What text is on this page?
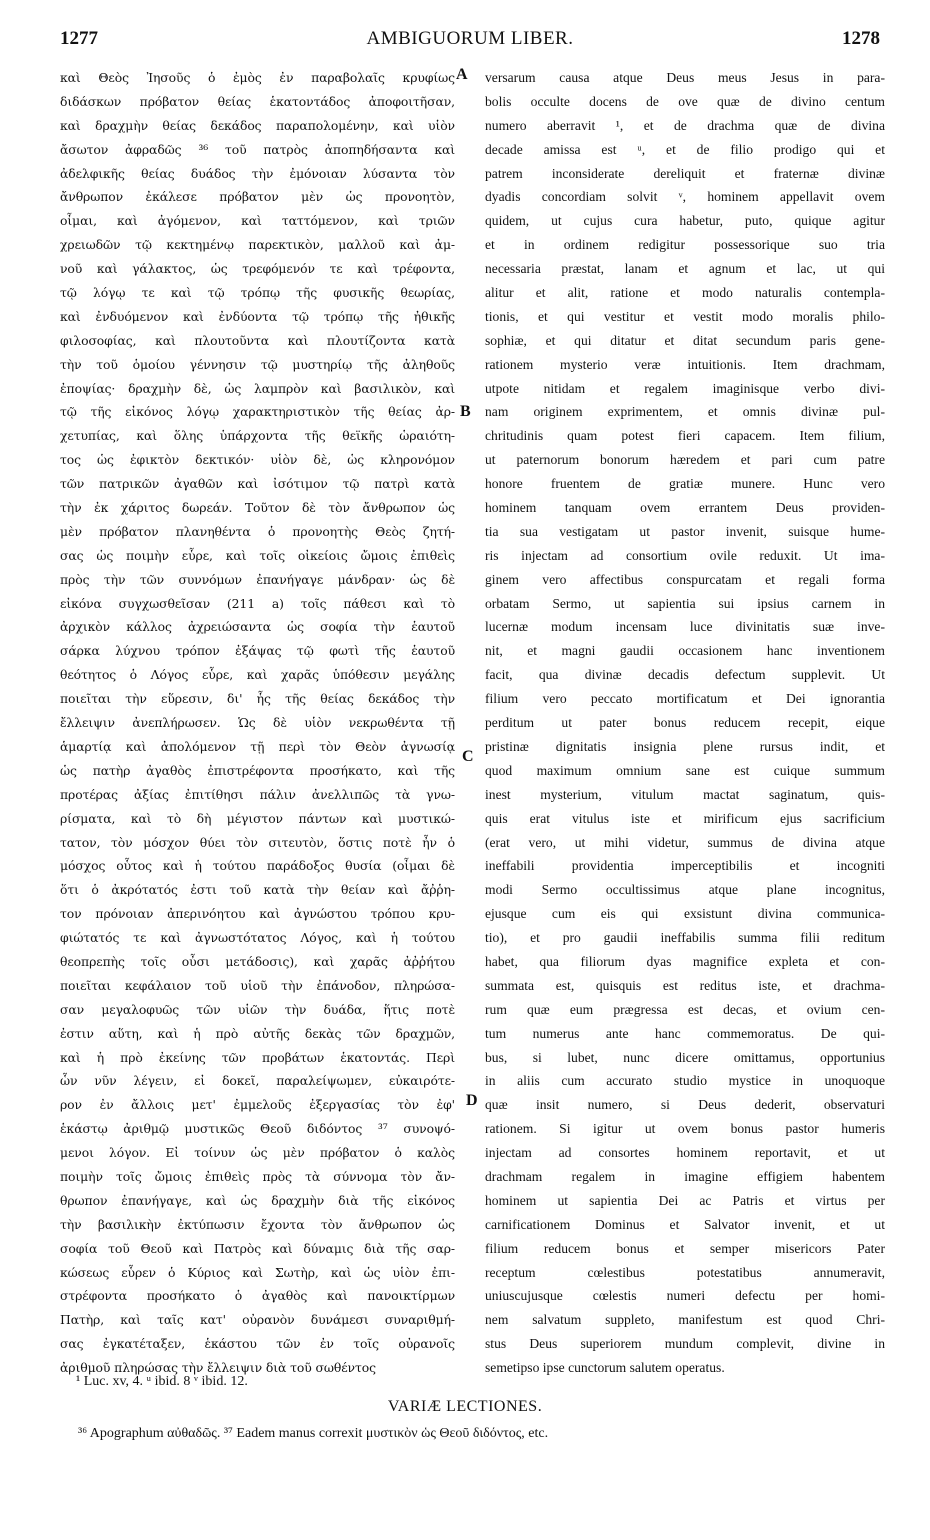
1277	AMBIGUORUM LIBER.	1278
καὶ Θεὸς Ἰησοῦς ὁ ἐμὸς ἐν παραβολαῖς κρυφίως
διδάσκων πρόβατον θείας ἑκατοντάδος ἀποφοιτῆσαν,
καὶ δραχμὴν θείας δεκάδος παραπολομένην, καὶ υἱὸν
ἄσωτον ἀφραδῶς ³⁶ τοῦ πατρὸς ἀποπηδήσαντα καὶ
ἀδελφικῆς θείας δυάδος τὴν ἐμόνοιαν λύσαντα τὸν
ἄνθρωπον ἐκάλεσε πρόβατον μὲν ὡς προνοητὸν,
οἶμαι, καὶ ἀγόμενον, καὶ ταττόμενον, καὶ τριῶν
χρειωδῶν τῷ κεκτημένῳ παρεκτικὸν, μαλλοῦ καὶ ἀμ-
νοῦ καὶ γάλακτος, ὡς τρεφόμενόν τε καὶ τρέφοντα,
τῷ λόγῳ τε καὶ τῷ τρόπῳ τῆς φυσικῆς θεωρίας,
καὶ ἐνδυόμενον καὶ ἐνδύοντα τῷ τρόπῳ τῆς ἠθικῆς
φιλοσοφίας, καὶ πλουτοῦντα καὶ πλουτίζοντα κατὰ
τὴν τοῦ ὁμοίου γέννησιν τῷ μυστηρίῳ τῆς ἀληθοῦς
ἐποψίας· δραχμὴν δὲ, ὡς λαμπρὸν καὶ βασιλικὸν, καὶ
τῷ τῆς εἰκόνος λόγῳ χαρακτηριστικὸν τῆς θείας ἀρ-
χετυπίας, καὶ ὅλης ὑπάρχοντα τῆς θεϊκῆς ὡραιότη-
τος ὡς ἐφικτὸν δεκτικόν· υἱὸν δὲ, ὡς κληρονόμον
τῶν πατρικῶν ἀγαθῶν καὶ ἰσότιμον τῷ πατρὶ κατὰ
τὴν ἐκ χάριτος δωρεάν. Τοῦτον δὲ τὸν ἄνθρωπον ὡς
μὲν πρόβατον πλανηθέντα ὁ προνοητὴς Θεὸς ζητή-
σας ὡς ποιμὴν εὗρε, καὶ τοῖς οἰκείοις ὤμοις ἐπιθεὶς
πρὸς τὴν τῶν συννόμων ἐπανήγαγε μάνδραν· ὡς δὲ
εἰκόνα συγχωσθεῖσαν (211 a) τοῖς πάθεσι καὶ τὸ
ἀρχικὸν κάλλος ἀχρειώσαντα ὡς σοφία τὴν ἑαυτοῦ
σάρκα λύχνου τρόπον ἐξάψας τῷ φωτὶ τῆς ἑαυτοῦ
θεότητος ὁ Λόγος εὗρε, καὶ χαρᾶς ὑπόθεσιν μεγάλης
ποιεῖται τὴν εὕρεσιν, δι' ἧς τῆς θείας δεκάδος τὴν
ἔλλειψιν ἀνεπλήρωσεν. Ὡς δὲ υἱὸν νεκρωθέντα τῇ
ἁμαρτίᾳ καὶ ἀπολόμενον τῇ περὶ τὸν Θεὸν ἀγνωσίᾳ
ὡς πατὴρ ἀγαθὸς ἐπιστρέφοντα προσήκατο, καὶ τῆς
προτέρας ἀξίας ἐπιτίθησι πάλιν ἀνελλιπῶς τὰ γνω-
ρίσματα, καὶ τὸ δὴ μέγιστον πάντων καὶ μυστικώ-
τατον, τὸν μόσχον θύει τὸν σιτευτὸν, ὅστις ποτὲ ἦν ὁ
μόσχος οὗτος καὶ ἡ τούτου παράδοξος θυσία (οἶμαι δὲ
ὅτι ὁ ἀκρότατός ἐστι τοῦ κατὰ τὴν θείαν καὶ ἄῤῥη-
τον πρόνοιαν ἀπερινόητου καὶ ἀγνώστου τρόπου κρυ-
φιώτατός τε καὶ ἀγνωστότατος Λόγος, καὶ ἡ τούτου
θεοπρεπὴς τοῖς οὖσι μετάδοσις), καὶ χαρᾶς ἀῤῥήτου
ποιεῖται κεφάλαιον τοῦ υἱοῦ τὴν ἐπάνοδον, πληρώσα-
σαν μεγαλοφυῶς τῶν υἱῶν τὴν δυάδα, ἥτις ποτὲ
ἐστιν αὕτη, καὶ ἡ πρὸ αὐτῆς δεκὰς τῶν δραχμῶν,
καὶ ἡ πρὸ ἐκείνης τῶν προβάτων ἑκατοντάς. Περὶ
ὧν νῦν λέγειν, εἰ δοκεῖ, παραλείψωμεν, εὐκαιρότε-
ρον ἐν ἄλλοις μετ' ἐμμελοῦς ἐξεργασίας τὸν ἐφ'
ἑκάστῳ ἀριθμῷ μυστικῶς Θεοῦ διδόντος ³⁷ συνοψό-
μενοι λόγον. Εἰ τοίνυν ὡς μὲν πρόβατον ὁ καλὸς
ποιμὴν τοῖς ὤμοις ἐπιθεὶς πρὸς τὰ σύννομα τὸν ἄν-
θρωπον ἐπανήγαγε, καὶ ὡς δραχμὴν διὰ τῆς εἰκόνος
τὴν βασιλικὴν ἐκτύπωσιν ἔχοντα τὸν ἄνθρωπον ὡς
σοφία τοῦ Θεοῦ καὶ Πατρὸς καὶ δύναμις διὰ τῆς σαρ-
κώσεως εὗρεν ὁ Κύριος καὶ Σωτὴρ, καὶ ὡς υἱὸν ἐπι-
στρέφοντα προσήκατο ὁ ἀγαθὸς καὶ πανοικτίρμων
Πατὴρ, καὶ ταῖς κατ' οὐρανὸν δυνάμεσι συναριθμή-
σας ἐγκατέταξεν, ἑκάστου τῶν ἐν τοῖς οὐρανοῖς
ἀριθμοῦ πληρώσας τὴν ἔλλειψιν διὰ τοῦ σωθέντος
versarum causa atque Deus meus Jesus in para-
bolis occulte docens de ove quæ de divino centum
numero aberravit ¹, et de drachma quæ de divina
decade amissa est ᵘ, et de filio prodigo qui et
patrem inconsiderate dereliquit et fraternæ divinæ
dyadis concordiam solvit ᵛ, hominem appellavit ovem
quidem, ut cujus cura habetur, puto, quique agitur
et in ordinem redigitur possessorique suo tria
necessaria præstat, lanam et agnum et lac, ut qui
alitur et alit, ratione et modo naturalis contempla-
tionis, et qui vestitur et vestit modo moralis philo-
sophiæ, et qui ditatur et ditat secundum paris gene-
rationem mysterio veræ intuitionis. Item drachmam,
utpote nitidam et regalem imaginisque verbo divi-
nam originem exprimentem, et omnis divinæ pul-
chritudinis quam potest fieri capacem. Item filium,
ut paternorum bonorum hæredem et pari cum patre
honore fruentem de gratiæ munere. Hunc vero
hominem tanquam ovem errantem Deus providen-
tia sua vestigatam ut pastor invenit, suisque hume-
ris injectam ad consortium ovile reduxit. Ut ima-
ginem vero affectibus conspurcatam et regali forma
orbatam Sermo, ut sapientia sui ipsius carnem in
lucernæ modum incensam luce divinitatis suæ inve-
nit, et magni gaudii occasionem hanc inventionem
facit, qua divinæ decadis defectum supplevit. Ut
filium vero peccato mortificatum et Dei ignorantia
perditum ut pater bonus reducem recepit, eique
pristinæ dignitatis insignia plene rursus indit, et
quod maximum omnium sane est cuique summum
inest mysterium, vitulum mactat saginatum, quis-
quis erat vitulus iste et mirificum ejus sacrificium
(erat vero, ut mihi videtur, summus de divina atque
ineffabili providentia imperceptibilis et incogniti
modi Sermo occultissimus atque plane incognitus,
ejusque cum eis qui exsistunt divina communica-
tio), et pro gaudii ineffabilis summa filii reditum
habet, qua filiorum dyas magnifice expleta et con-
summata est, quisquis est reditus iste, et drachma-
rum quæ eum prægressa est decas, et ovium cen-
tum numerus ante hanc commemoratus. De qui-
bus, si lubet, nunc dicere omittamus, opportunius
in aliis cum accurato studio mystice in unoquoque
quæ insit numero, si Deus dederit, observaturi
rationem. Si igitur ut ovem bonus pastor humeris
injectam ad consortes hominem reportavit, et ut
drachmam regalem in imagine effigiem habentem
hominem ut sapientia Dei ac Patris et virtus per
carnificationem Dominus et Salvator invenit, et ut
filium reducem bonus et semper misericors Pater
receptum cœlestibus potestatibus annumeravit,
uniuscujusque cœlestis numeri defectu per homi-
nem salvatum suppleto, manifestum est quod Chri-
stus Deus superiorem mundum complevit, divine in
semetipso ipse cunctorum salutem operatus.
A
B
C
D
¹ Luc. xv, 4. ᵘ ibid. 8 ᵛ ibid. 12.
VARIÆ LECTIONES.
³⁶ Apographum αὐθαδῶς. ³⁷ Eadem manus correxit μυστικὸν ὡς Θεοῦ διδόντος, etc.
